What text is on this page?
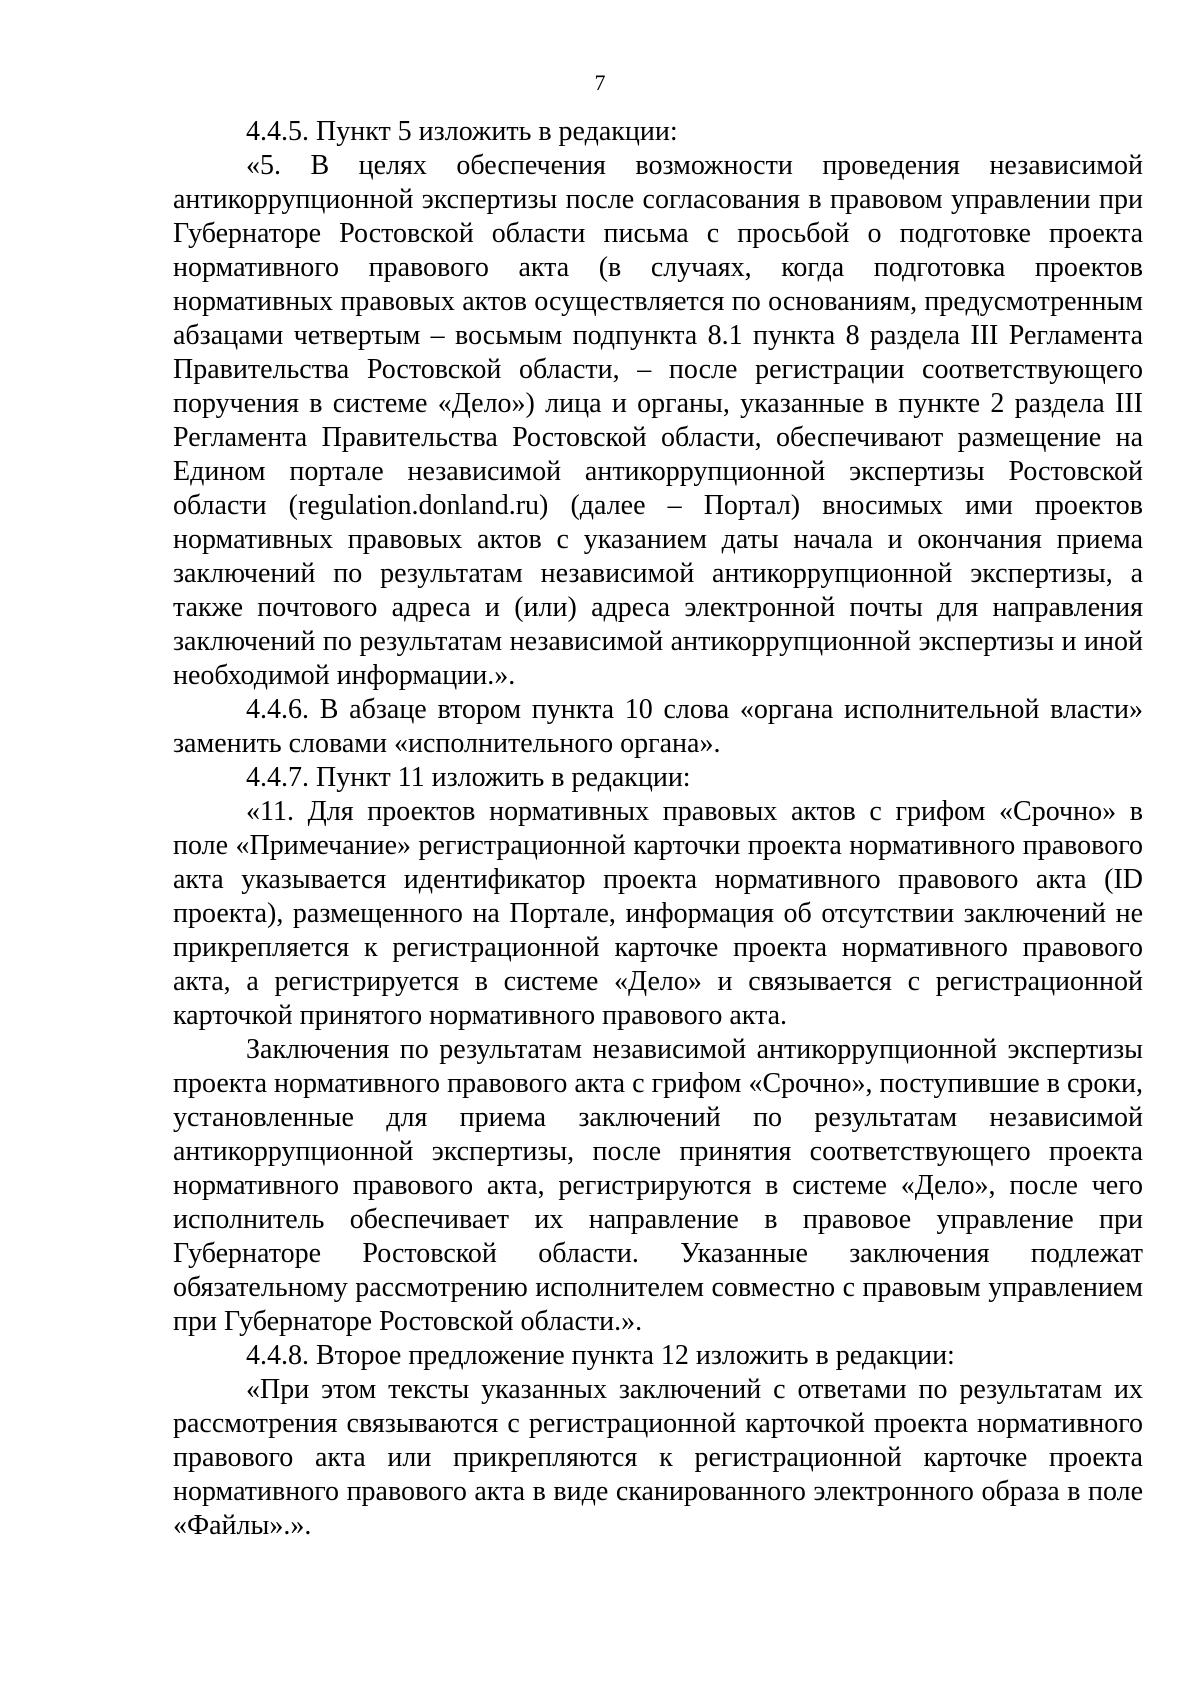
7

4.4.5. Пункт 5 изложить в редакции:

«5. В целях обеспечения возможности проведения независимой антикоррупционной экспертизы после согласования в правовом управлении при Губернаторе Ростовской области письма с просьбой о подготовке проекта нормативного правового акта (в случаях, когда подготовка проектов нормативных правовых актов осуществляется по основаниям, предусмотренным абзацами четвертым – восьмым подпункта 8.1 пункта 8 раздела III Регламента Правительства Ростовской области, – после регистрации соответствующего поручения в системе «Дело») лица и органы, указанные в пункте 2 раздела III Регламента Правительства Ростовской области, обеспечивают размещение на Едином портале независимой антикоррупционной экспертизы Ростовской области (regulation.donland.ru) (далее – Портал) вносимых ими проектов нормативных правовых актов с указанием даты начала и окончания приема заключений по результатам независимой антикоррупционной экспертизы, а также почтового адреса и (или) адреса электронной почты для направления заключений по результатам независимой антикоррупционной экспертизы и иной необходимой информации.».

4.4.6. В абзаце втором пункта 10 слова «органа исполнительной власти» заменить словами «исполнительного органа».

4.4.7. Пункт 11 изложить в редакции:

«11. Для проектов нормативных правовых актов с грифом «Срочно» в поле «Примечание» регистрационной карточки проекта нормативного правового акта указывается идентификатор проекта нормативного правового акта (ID проекта), размещенного на Портале, информация об отсутствии заключений не прикрепляется к регистрационной карточке проекта нормативного правового акта, а регистрируется в системе «Дело» и связывается с регистрационной карточкой принятого нормативного правового акта.

Заключения по результатам независимой антикоррупционной экспертизы проекта нормативного правового акта с грифом «Срочно», поступившие в сроки, установленные для приема заключений по результатам независимой антикоррупционной экспертизы, после принятия соответствующего проекта нормативного правового акта, регистрируются в системе «Дело», после чего исполнитель обеспечивает их направление в правовое управление при Губернаторе Ростовской области. Указанные заключения подлежат обязательному рассмотрению исполнителем совместно с правовым управлением при Губернаторе Ростовской области.».

4.4.8. Второе предложение пункта 12 изложить в редакции:

«При этом тексты указанных заключений с ответами по результатам их рассмотрения связываются с регистрационной карточкой проекта нормативного правового акта или прикрепляются к регистрационной карточке проекта нормативного правового акта в виде сканированного электронного образа в поле «Файлы».».
